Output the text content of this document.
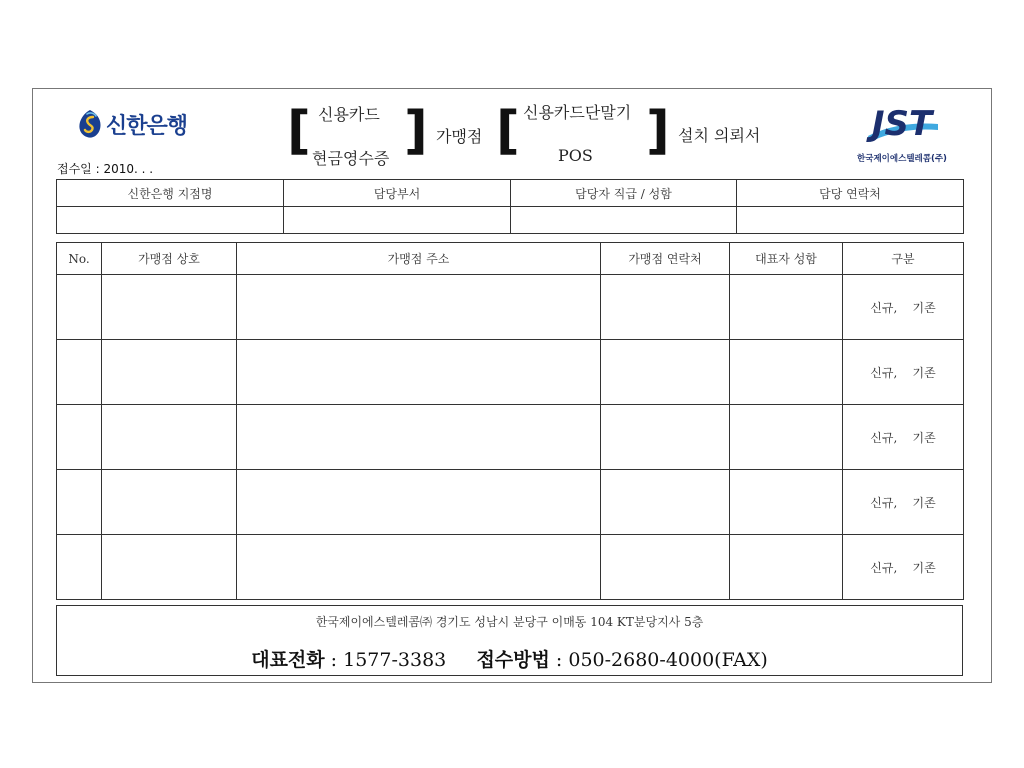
신한은행
접수일 : 2010. . .
[ 신용카드
현금영수증 ] 가맹점 [ 신용카드단말기
POS ] 설치 의뢰서	JST
한국제이에스텔레콤(주)
신한은행 지점명	담당부서	담당자 직급 / 성함	담당 연락처

No.	가맹점 상호	가맹점 주소	가맹점 연락처	대표자 성함	구분
					신규,    기존
					신규,    기존
					신규,    기존
					신규,    기존
					신규,    기존
한국제이에스텔레콤㈜ 경기도 성남시 분당구 이매동 104 KT분당지사 5층
대표전화 : 1577-3383 접수방법 : 050-2680-4000(FAX)
